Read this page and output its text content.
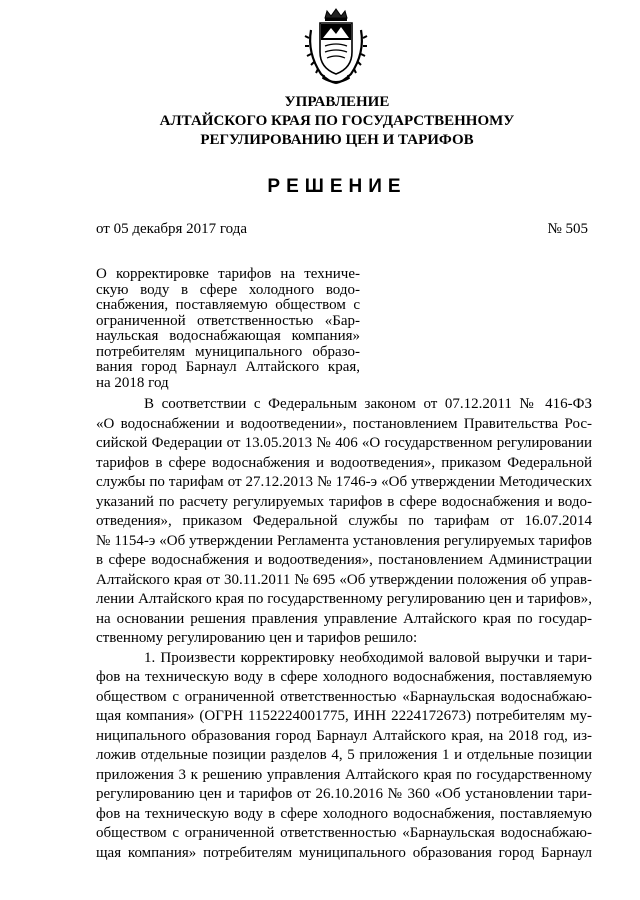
УПРАВЛЕНИЕ
АЛТАЙСКОГО КРАЯ ПО ГОСУДАРСТВЕННОМУ
РЕГУЛИРОВАНИЮ ЦЕН И ТАРИФОВ
РЕШЕНИЕ
от 05 декабря 2017 года	№ 505
О корректировке тарифов на техниче-
скую воду в сфере холодного водо-
снабжения, поставляемую обществом с
ограниченной ответственностью «Бар-
наульская водоснабжающая компания»
потребителям муниципального образо-
вания город Барнаул Алтайского края,
на 2018 год
В соответствии с Федеральным законом от 07.12.2011 № 416-ФЗ
«О водоснабжении и водоотведении», постановлением Правительства Рос-
сийской Федерации от 13.05.2013 № 406 «О государственном регулировании
тарифов в сфере водоснабжения и водоотведения», приказом Федеральной
службы по тарифам от 27.12.2013 № 1746-э «Об утверждении Методических
указаний по расчету регулируемых тарифов в сфере водоснабжения и водо-
отведения», приказом Федеральной службы по тарифам от 16.07.2014
№ 1154-э «Об утверждении Регламента установления регулируемых тарифов
в сфере водоснабжения и водоотведения», постановлением Администрации
Алтайского края от 30.11.2011 № 695 «Об утверждении положения об управ-
лении Алтайского края по государственному регулированию цен и тарифов»,
на основании решения правления управление Алтайского края по государ-
ственному регулированию цен и тарифов решило:
1. Произвести корректировку необходимой валовой выручки и тари-
фов на техническую воду в сфере холодного водоснабжения, поставляемую
обществом с ограниченной ответственностью «Барнаульская водоснабжаю-
щая компания» (ОГРН 1152224001775, ИНН 2224172673) потребителям му-
ниципального образования город Барнаул Алтайского края, на 2018 год, из-
ложив отдельные позиции разделов 4, 5 приложения 1 и отдельные позиции
приложения 3 к решению управления Алтайского края по государственному
регулированию цен и тарифов от 26.10.2016 № 360 «Об установлении тари-
фов на техническую воду в сфере холодного водоснабжения, поставляемую
обществом с ограниченной ответственностью «Барнаульская водоснабжаю-
щая компания» потребителям муниципального образования город Барнаул
